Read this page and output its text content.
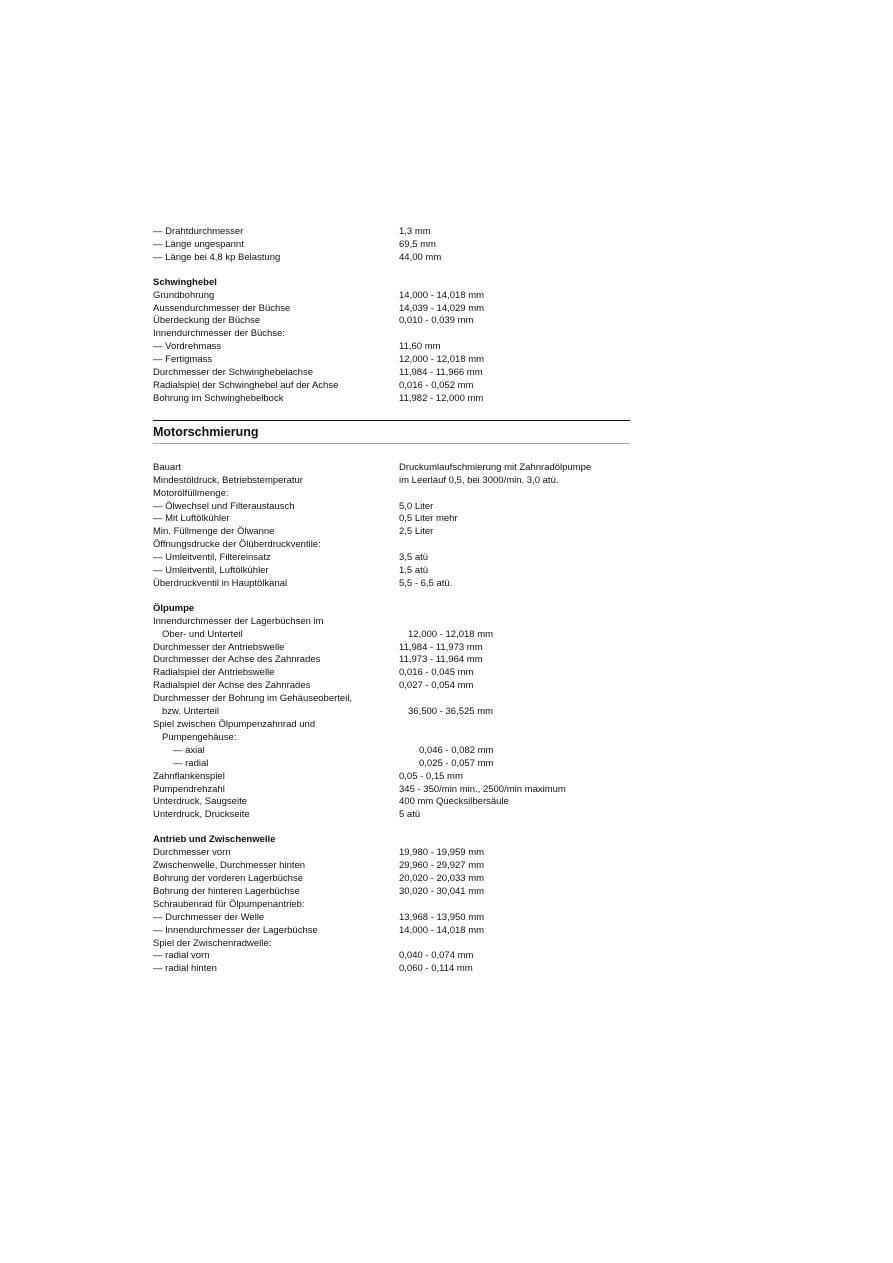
— Drahtdurchmesser	1,3 mm
— Länge ungespannt	69,5 mm
— Länge bei 4,8 kp Belastung	44,00 mm
Schwinghebel
Grundbohrung	14,000 - 14,018 mm
Aussendurchmesser der Büchse	14,039 - 14,029 mm
Überdeckung der Büchse	0,010 - 0,039 mm
Innendurchmesser der Büchse:
— Vordrehmass	11,60 mm
— Fertigmass	12,000 - 12,018 mm
Durchmesser der Schwinghebelachse	11,984 - 11,966 mm
Radialspiel der Schwinghebel auf der Achse	0,016 - 0,052 mm
Bohrung im Schwinghebelbock	11,982 - 12,000 mm
Motorschmierung
Bauart	Druckumlaufschmierung mit Zahnradölpumpe
Mindestöldruck, Betriebstemperatur	im Leerlauf 0,5, bei 3000/min. 3,0 atü.
Motorölfüllmenge:
— Ölwechsel und Filteraustausch	5,0 Liter
— Mit Luftölkühler	0,5 Liter mehr
Min. Füllmenge der Ölwanne	2,5 Liter
Öffnungsdrucke der Ölüberdruckventile:
— Umleitventil, Filtereinsatz	3,5 atü
— Umleitventil, Luftölkühler	1,5 atü
Überdruckventil in Hauptölkanal	5,5 - 6,5 atü.
Ölpumpe
Innendurchmesser der Lagerbüchsen im
Ober- und Unterteil	12,000 - 12,018 mm
Durchmesser der Antriebswelle	11,984 - 11,973 mm
Durchmesser der Achse des Zahnrades	11,973 - 11,964 mm
Radialspiel der Antriebswelle	0,016 - 0,045 mm
Radialspiel der Achse des Zahnrades	0,027 - 0,054 mm
Durchmesser der Bohrung im Gehäuseoberteil,
bzw. Unterteil	36,500 - 36,525 mm
Spiel zwischen Ölpumpenzahnrad und
Pumpengehäuse:
— axial	0,046 - 0,082 mm
— radial	0,025 - 0,057 mm
Zahnflankenspiel	0,05 - 0,15 mm
Pumpendrehzahl	345 - 350/min min., 2500/min maximum
Unterdruck, Saugseite	400 mm Quecksilbersäule
Unterdruck, Druckseite	5 atü
Antrieb und Zwischenwelle
Durchmesser vorn	19,980 - 19,959 mm
Zwischenwelle, Durchmesser hinten	29,960 - 29,927 mm
Bohrung der vorderen Lagerbüchse	20,020 - 20,033 mm
Bohrung der hinteren Lagerbüchse	30,020 - 30,041 mm
Schraubenrad für Ölpumpenantrieb:
— Durchmesser der Welle	13,968 - 13,950 mm
— Innendurchmesser der Lagerbüchse	14,000 - 14,018 mm
Spiel der Zwischenradwelle:
— radial vorn	0,040 - 0,074 mm
— radial hinten	0,060 - 0,114 mm
